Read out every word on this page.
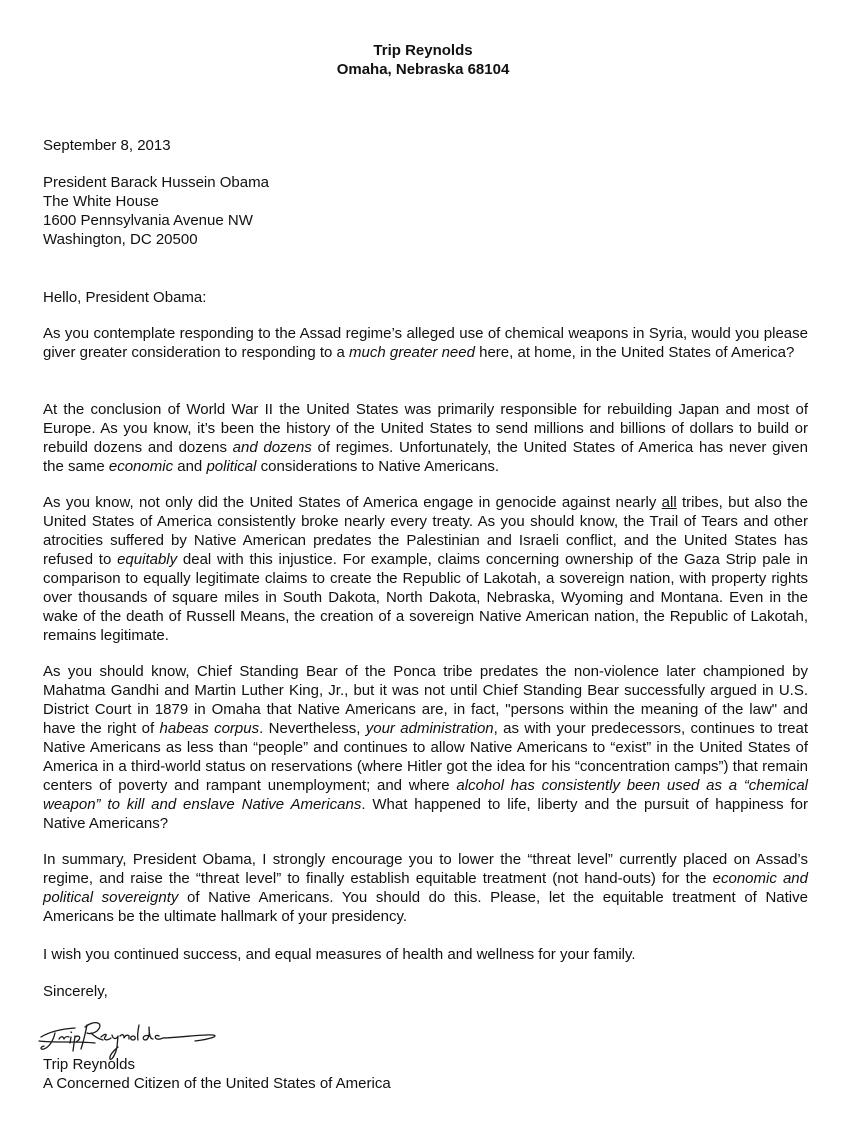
Trip Reynolds
Omaha, Nebraska 68104
September 8, 2013
President Barack Hussein Obama
The White House
1600 Pennsylvania Avenue NW
Washington, DC 20500
Hello, President Obama:
As you contemplate responding to the Assad regime’s alleged use of chemical weapons in Syria, would you please giver greater consideration to responding to a much greater need here, at home, in the United States of America?
At the conclusion of World War II the United States was primarily responsible for rebuilding Japan and most of Europe. As you know, it’s been the history of the United States to send millions and billions of dollars to build or rebuild dozens and dozens and dozens of regimes. Unfortunately, the United States of America has never given the same economic and political considerations to Native Americans.
As you know, not only did the United States of America engage in genocide against nearly all tribes, but also the United States of America consistently broke nearly every treaty. As you should know, the Trail of Tears and other atrocities suffered by Native American predates the Palestinian and Israeli conflict, and the United States has refused to equitably deal with this injustice. For example, claims concerning ownership of the Gaza Strip pale in comparison to equally legitimate claims to create the Republic of Lakotah, a sovereign nation, with property rights over thousands of square miles in South Dakota, North Dakota, Nebraska, Wyoming and Montana. Even in the wake of the death of Russell Means, the creation of a sovereign Native American nation, the Republic of Lakotah, remains legitimate.
As you should know, Chief Standing Bear of the Ponca tribe predates the non-violence later championed by Mahatma Gandhi and Martin Luther King, Jr., but it was not until Chief Standing Bear successfully argued in U.S. District Court in 1879 in Omaha that Native Americans are, in fact, "persons within the meaning of the law" and have the right of habeas corpus. Nevertheless, your administration, as with your predecessors, continues to treat Native Americans as less than “people” and continues to allow Native Americans to “exist” in the United States of America in a third-world status on reservations (where Hitler got the idea for his “concentration camps”) that remain centers of poverty and rampant unemployment; and where alcohol has consistently been used as a “chemical weapon” to kill and enslave Native Americans. What happened to life, liberty and the pursuit of happiness for Native Americans?
In summary, President Obama, I strongly encourage you to lower the “threat level” currently placed on Assad’s regime, and raise the “threat level” to finally establish equitable treatment (not hand-outs) for the economic and political sovereignty of Native Americans. You should do this. Please, let the equitable treatment of Native Americans be the ultimate hallmark of your presidency.
I wish you continued success, and equal measures of health and wellness for your family.
Sincerely,
Trip Reynolds
A Concerned Citizen of the United States of America
